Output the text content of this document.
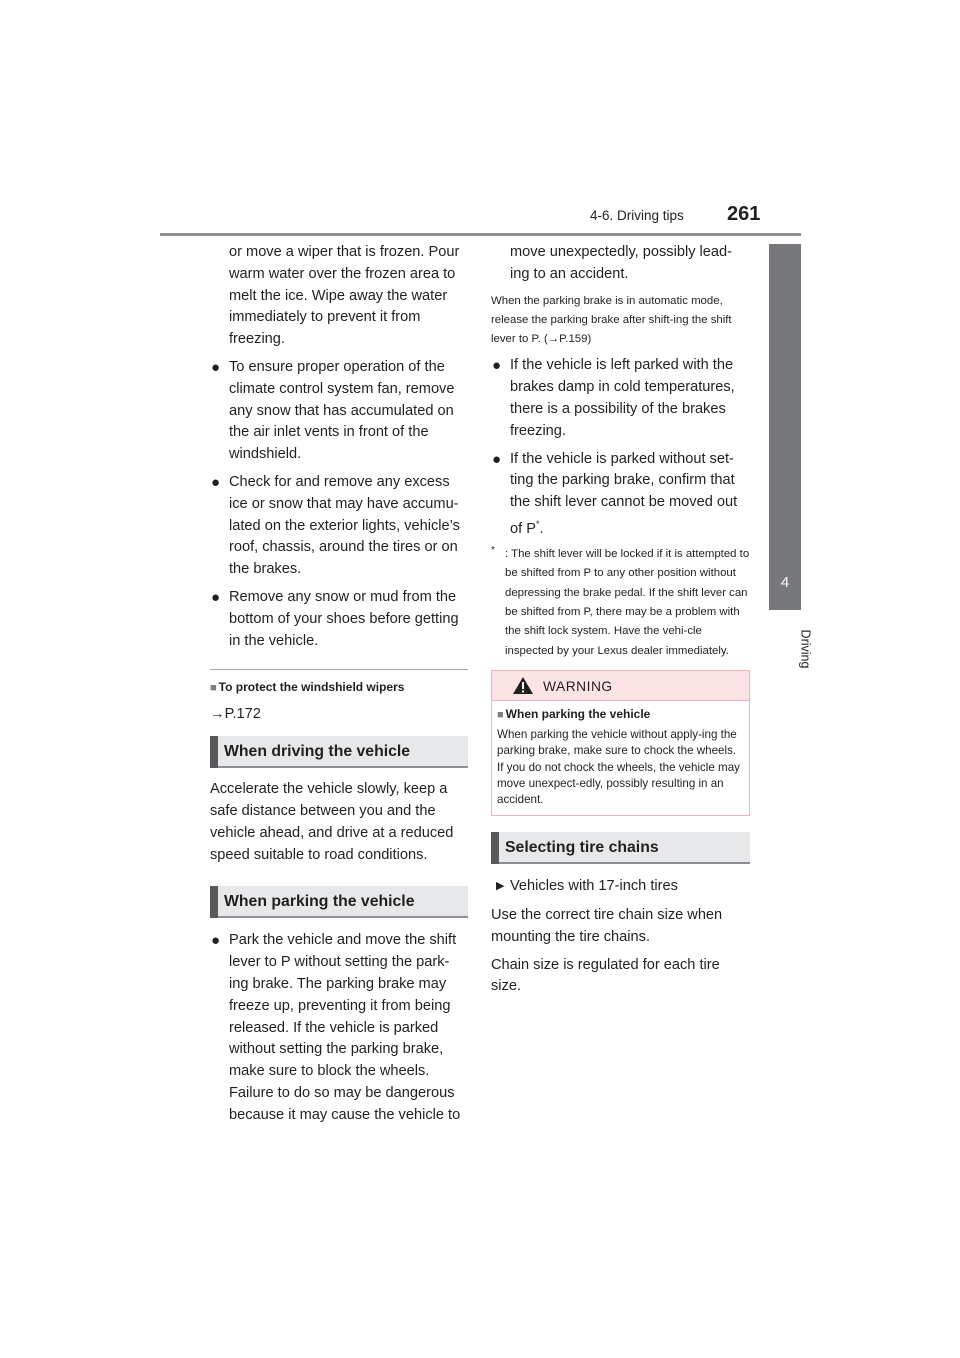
4-6. Driving tips 261
4
Driving

or move a wiper that is frozen. Pour warm water over the frozen area to melt the ice. Wipe away the water immediately to prevent it from freezing.

● To ensure proper operation of the climate control system fan, remove any snow that has accumulated on the air inlet vents in front of the windshield.

● Check for and remove any excess ice or snow that may have accumu-lated on the exterior lights, vehicle’s roof, chassis, around the tires or on the brakes.

● Remove any snow or mud from the bottom of your shoes before getting in the vehicle.

■ To protect the windshield wipers

→P.172

When driving the vehicle

Accelerate the vehicle slowly, keep a safe distance between you and the vehicle ahead, and drive at a reduced speed suitable to road conditions.

When parking the vehicle

● Park the vehicle and move the shift lever to P without setting the park-ing brake. The parking brake may freeze up, preventing it from being released. If the vehicle is parked without setting the parking brake, make sure to block the wheels. Failure to do so may be dangerous because it may cause the vehicle to

move unexpectedly, possibly lead-ing to an accident.

When the parking brake is in automatic mode, release the parking brake after shift-ing the shift lever to P. (→P.159)

● If the vehicle is left parked with the brakes damp in cold temperatures, there is a possibility of the brakes freezing.

● If the vehicle is parked without set-ting the parking brake, confirm that the shift lever cannot be moved out of P*.

* : The shift lever will be locked if it is attempted to be shifted from P to any other position without depressing the brake pedal. If the shift lever can be shifted from P, there may be a problem with the shift lock system. Have the vehi-cle inspected by your Lexus dealer immediately.

WARNING
■ When parking the vehicle

When parking the vehicle without apply-ing the parking brake, make sure to chock the wheels. If you do not chock the wheels, the vehicle may move unexpect-edly, possibly resulting in an accident.

Selecting tire chains

▶ Vehicles with 17-inch tires

Use the correct tire chain size when mounting the tire chains.

Chain size is regulated for each tire size.
